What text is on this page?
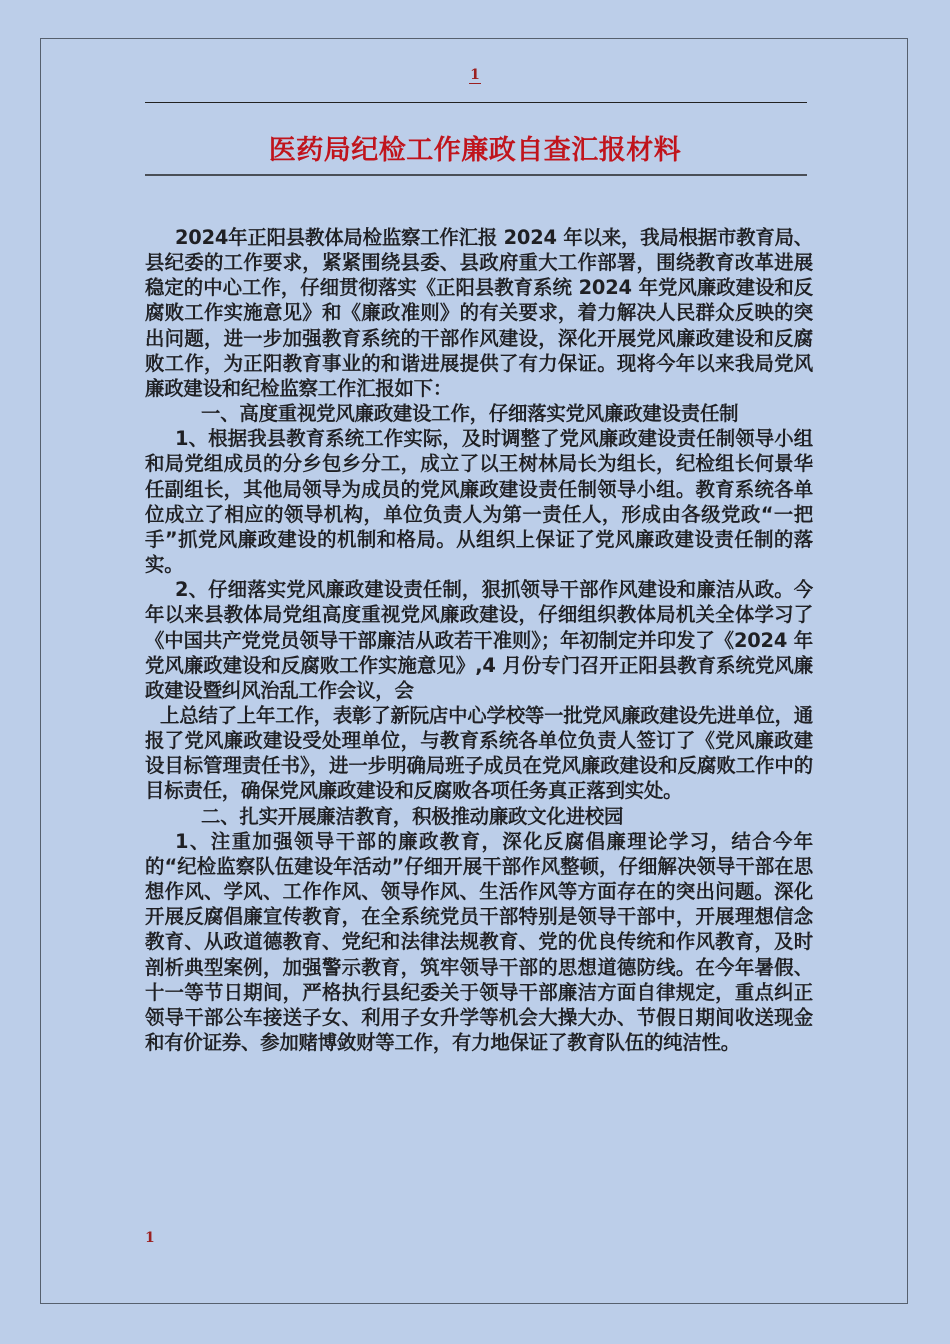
1
医药局纪检工作廉政自查汇报材料

2024年正阳县教体局检监察工作汇报 2024 年以来，我局根据市教育局、县纪委的工作要求，紧紧围绕县委、县政府重大工作部署，围绕教育改革进展稳定的中心工作，仔细贯彻落实《正阳县教育系统 2024 年党风廉政建设和反腐败工作实施意见》和《廉政准则》的有关要求，着力解决人民群众反映的突出问题，进一步加强教育系统的干部作风建设，深化开展党风廉政建设和反腐败工作，为正阳教育事业的和谐进展提供了有力保证。现将今年以来我局党风廉政建设和纪检监察工作汇报如下：

一、高度重视党风廉政建设工作，仔细落实党风廉政建设责任制

1、根据我县教育系统工作实际，及时调整了党风廉政建设责任制领导小组和局党组成员的分乡包乡分工，成立了以王树林局长为组长，纪检组长何景华任副组长，其他局领导为成员的党风廉政建设责任制领导小组。教育系统各单位成立了相应的领导机构，单位负责人为第一责任人，形成由各级党政“一把手”抓党风廉政建设的机制和格局。从组织上保证了党风廉政建设责任制的落实。

2、仔细落实党风廉政建设责任制，狠抓领导干部作风建设和廉洁从政。今年以来县教体局党组高度重视党风廉政建设，仔细组织教体局机关全体学习了《中国共产党党员领导干部廉洁从政若干准则》；年初制定并印发了《2024 年党风廉政建设和反腐败工作实施意见》,4 月份专门召开正阳县教育系统党风廉政建设暨纠风治乱工作会议，会

上总结了上年工作，表彰了新阮店中心学校等一批党风廉政建设先进单位，通报了党风廉政建设受处理单位，与教育系统各单位负责人签订了《党风廉政建设目标管理责任书》，进一步明确局班子成员在党风廉政建设和反腐败工作中的目标责任，确保党风廉政建设和反腐败各项任务真正落到实处。

二、扎实开展廉洁教育，积极推动廉政文化进校园

1、注重加强领导干部的廉政教育，深化反腐倡廉理论学习，结合今年的“纪检监察队伍建设年活动”仔细开展干部作风整顿，仔细解决领导干部在思想作风、学风、工作作风、领导作风、生活作风等方面存在的突出问题。深化开展反腐倡廉宣传教育，在全系统党员干部特别是领导干部中，开展理想信念教育、从政道德教育、党纪和法律法规教育、党的优良传统和作风教育，及时剖析典型案例，加强警示教育，筑牢领导干部的思想道德防线。在今年暑假、十一等节日期间，严格执行县纪委关于领导干部廉洁方面自律规定，重点纠正领导干部公车接送子女、利用子女升学等机会大操大办、节假日期间收送现金和有价证券、参加赌博敛财等工作，有力地保证了教育队伍的纯洁性。

1
